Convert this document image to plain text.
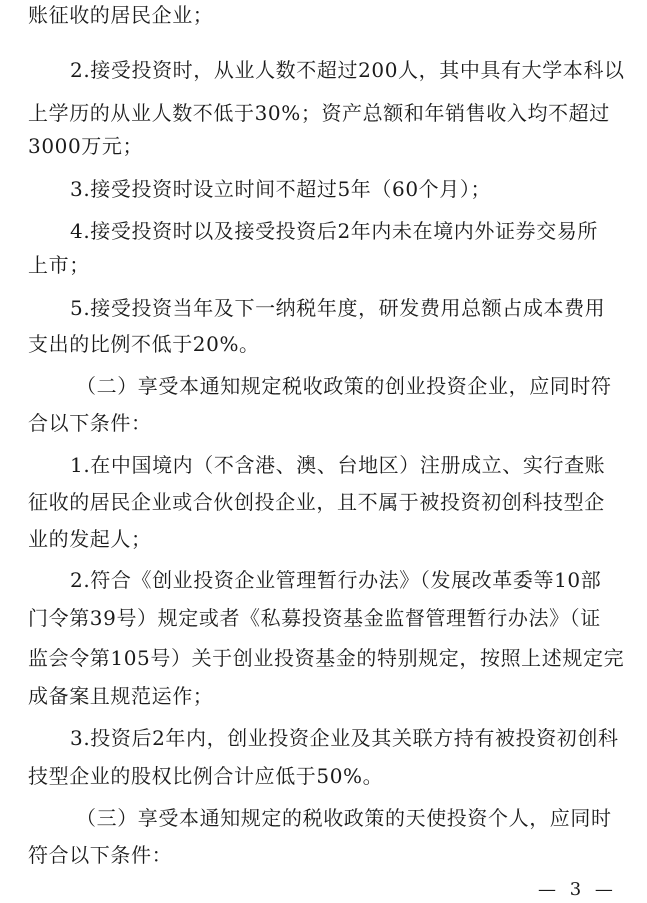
账征收的居民企业；
2.接受投资时，从业人数不超过200人，其中具有大学本科以
上学历的从业人数不低于30%；资产总额和年销售收入均不超过
3000万元；
3.接受投资时设立时间不超过5年（60个月）；
4.接受投资时以及接受投资后2年内未在境内外证券交易所
上市；
5.接受投资当年及下一纳税年度，研发费用总额占成本费用
支出的比例不低于20%。
（二）享受本通知规定税收政策的创业投资企业，应同时符
合以下条件：
1.在中国境内（不含港、澳、台地区）注册成立、实行查账
征收的居民企业或合伙创投企业，且不属于被投资初创科技型企
业的发起人；
2.符合《创业投资企业管理暂行办法》（发展改革委等10部
门令第39号）规定或者《私募投资基金监督管理暂行办法》（证
监会令第105号）关于创业投资基金的特别规定，按照上述规定完
成备案且规范运作；
3.投资后2年内，创业投资企业及其关联方持有被投资初创科
技型企业的股权比例合计应低于50%。
（三）享受本通知规定的税收政策的天使投资个人，应同时
符合以下条件：
— 3 —
